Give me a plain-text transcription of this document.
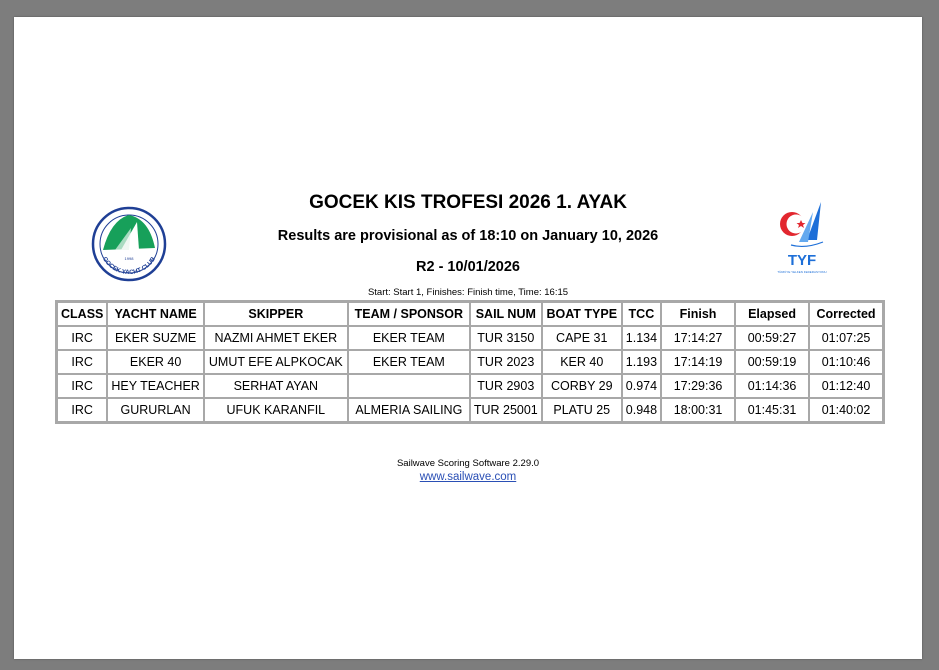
GOCEK YACHT CLUB
1998
GOCEK KIS TROFESI 2026 1. AYAK
Results are provisional as of 18:10 on January 10, 2026
R2 - 10/01/2026
Start: Start 1, Finishes: Finish time, Time: 16:15
TYF
TÜRKİYE YELKEN FEDERASYONU
CLASS	YACHT NAME	SKIPPER	TEAM / SPONSOR	SAIL NUM	BOAT TYPE	TCC	Finish	Elapsed	Corrected
IRC	EKER SUZME	NAZMI AHMET EKER	EKER TEAM	TUR 3150	CAPE 31	1.134	17:14:27	00:59:27	01:07:25
IRC	EKER 40	UMUT EFE ALPKOCAK	EKER TEAM	TUR 2023	KER 40	1.193	17:14:19	00:59:19	01:10:46
IRC	HEY TEACHER	SERHAT AYAN		TUR 2903	CORBY 29	0.974	17:29:36	01:14:36	01:12:40
IRC	GURURLAN	UFUK KARANFIL	ALMERIA SAILING	TUR 25001	PLATU 25	0.948	18:00:31	01:45:31	01:40:02
Sailwave Scoring Software 2.29.0
www.sailwave.com
